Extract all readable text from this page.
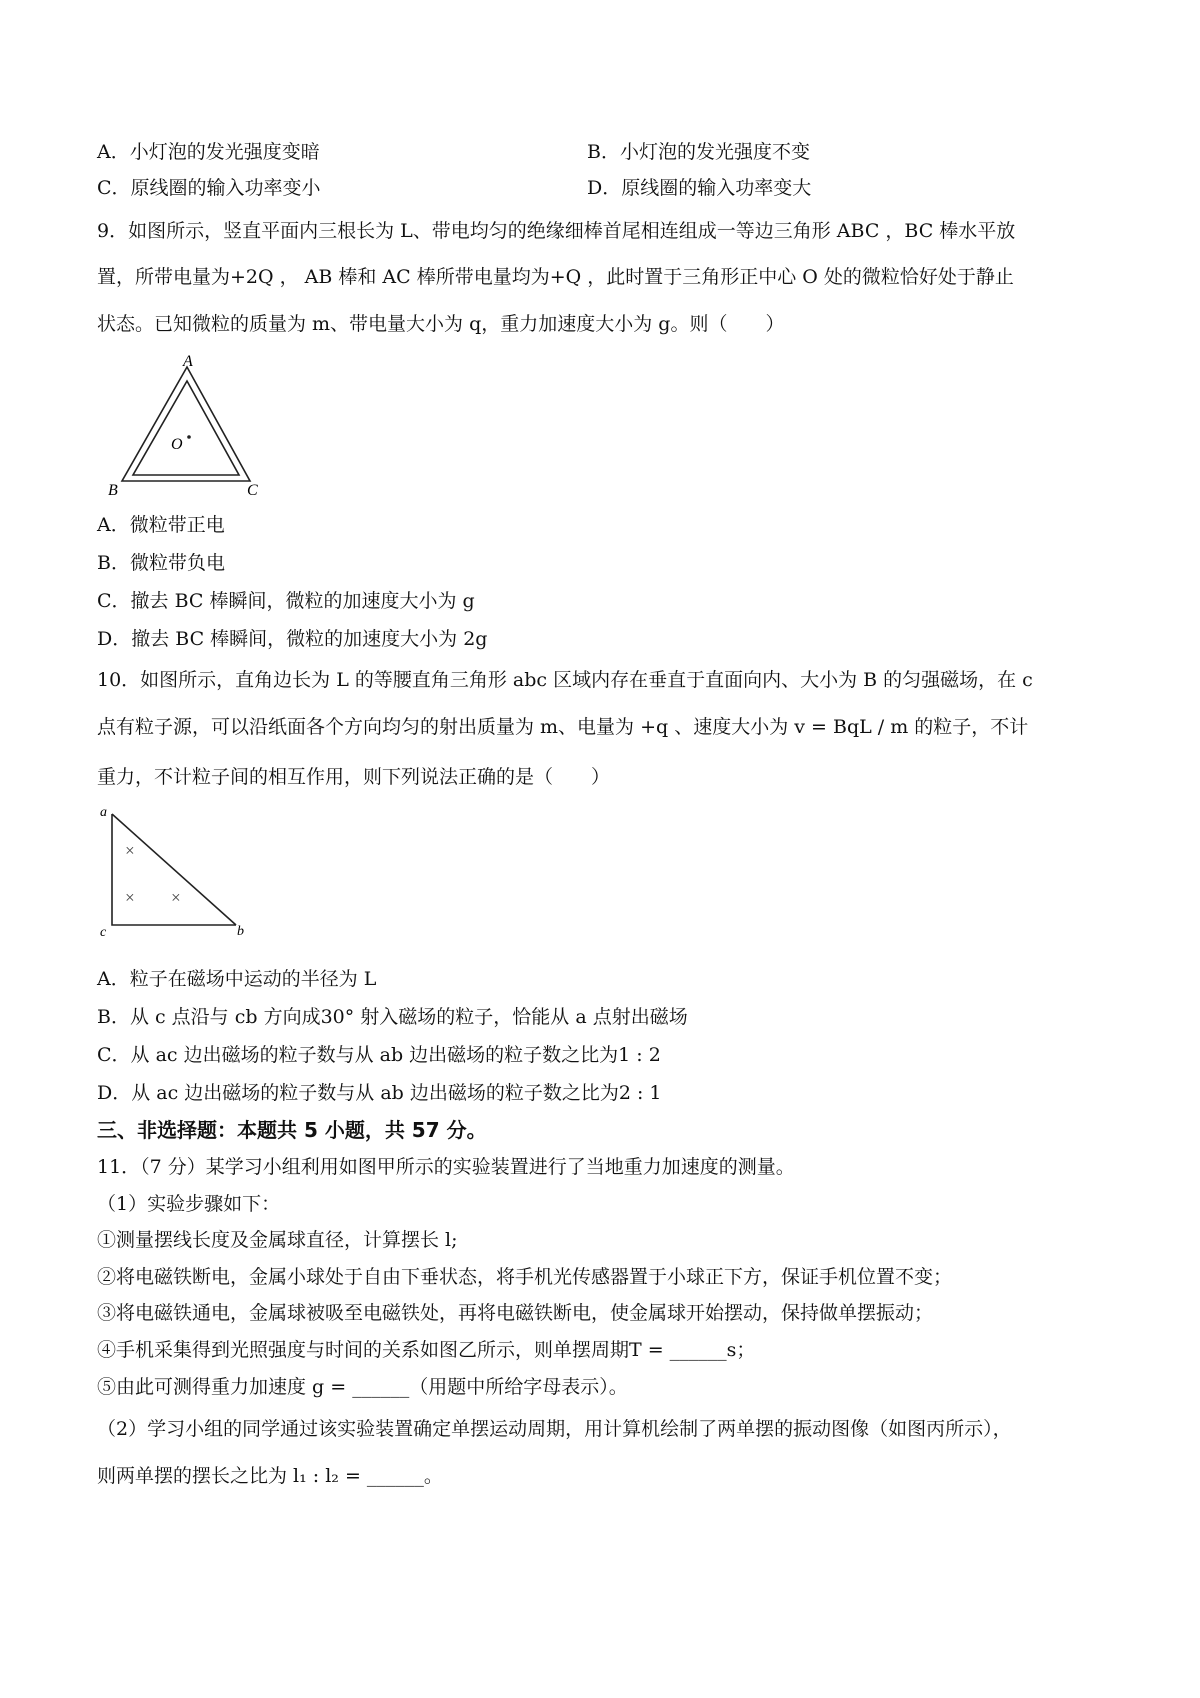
A．小灯泡的发光强度变暗	B．小灯泡的发光强度不变
C．原线圈的输入功率变小	D．原线圈的输入功率变大
9．如图所示，竖直平面内三根长为 L、带电均匀的绝缘细棒首尾相连组成一等边三角形 ABC ，BC 棒水平放
置，所带电量为+2Q ， AB 棒和 AC 棒所带电量均为+Q ，此时置于三角形正中心 O 处的微粒恰好处于静止
状态。已知微粒的质量为 m、带电量大小为 q，重力加速度大小为 g。则（　　）
A
B	C
O
A．微粒带正电
B．微粒带负电
C．撤去 BC 棒瞬间，微粒的加速度大小为 g
D．撤去 BC 棒瞬间，微粒的加速度大小为 2g
10．如图所示，直角边长为 L 的等腰直角三角形 abc 区域内存在垂直于直面向内、大小为 B 的匀强磁场，在 c
点有粒子源，可以沿纸面各个方向均匀的射出质量为 m、电量为 +q 、速度大小为 v = BqL / m 的粒子，不计
重力，不计粒子间的相互作用，则下列说法正确的是（　　）
a
c	b
×
× ×
A．粒子在磁场中运动的半径为 L
B．从 c 点沿与 cb 方向成30° 射入磁场的粒子，恰能从 a 点射出磁场
C．从 ac 边出磁场的粒子数与从 ab 边出磁场的粒子数之比为1 : 2
D．从 ac 边出磁场的粒子数与从 ab 边出磁场的粒子数之比为2 : 1
三、非选择题：本题共 5 小题，共 57 分。
11．（7 分）某学习小组利用如图甲所示的实验装置进行了当地重力加速度的测量。
（1）实验步骤如下：
①测量摆线长度及金属球直径，计算摆长 l;
②将电磁铁断电，金属小球处于自由下垂状态，将手机光传感器置于小球正下方，保证手机位置不变；
③将电磁铁通电，金属球被吸至电磁铁处，再将电磁铁断电，使金属球开始摆动，保持做单摆振动；
④手机采集得到光照强度与时间的关系如图乙所示，则单摆周期T = ______s；
⑤由此可测得重力加速度 g = ______（用题中所给字母表示）。
（2）学习小组的同学通过该实验装置确定单摆运动周期，用计算机绘制了两单摆的振动图像（如图丙所示），
则两单摆的摆长之比为 l₁ : l₂ = ______。
